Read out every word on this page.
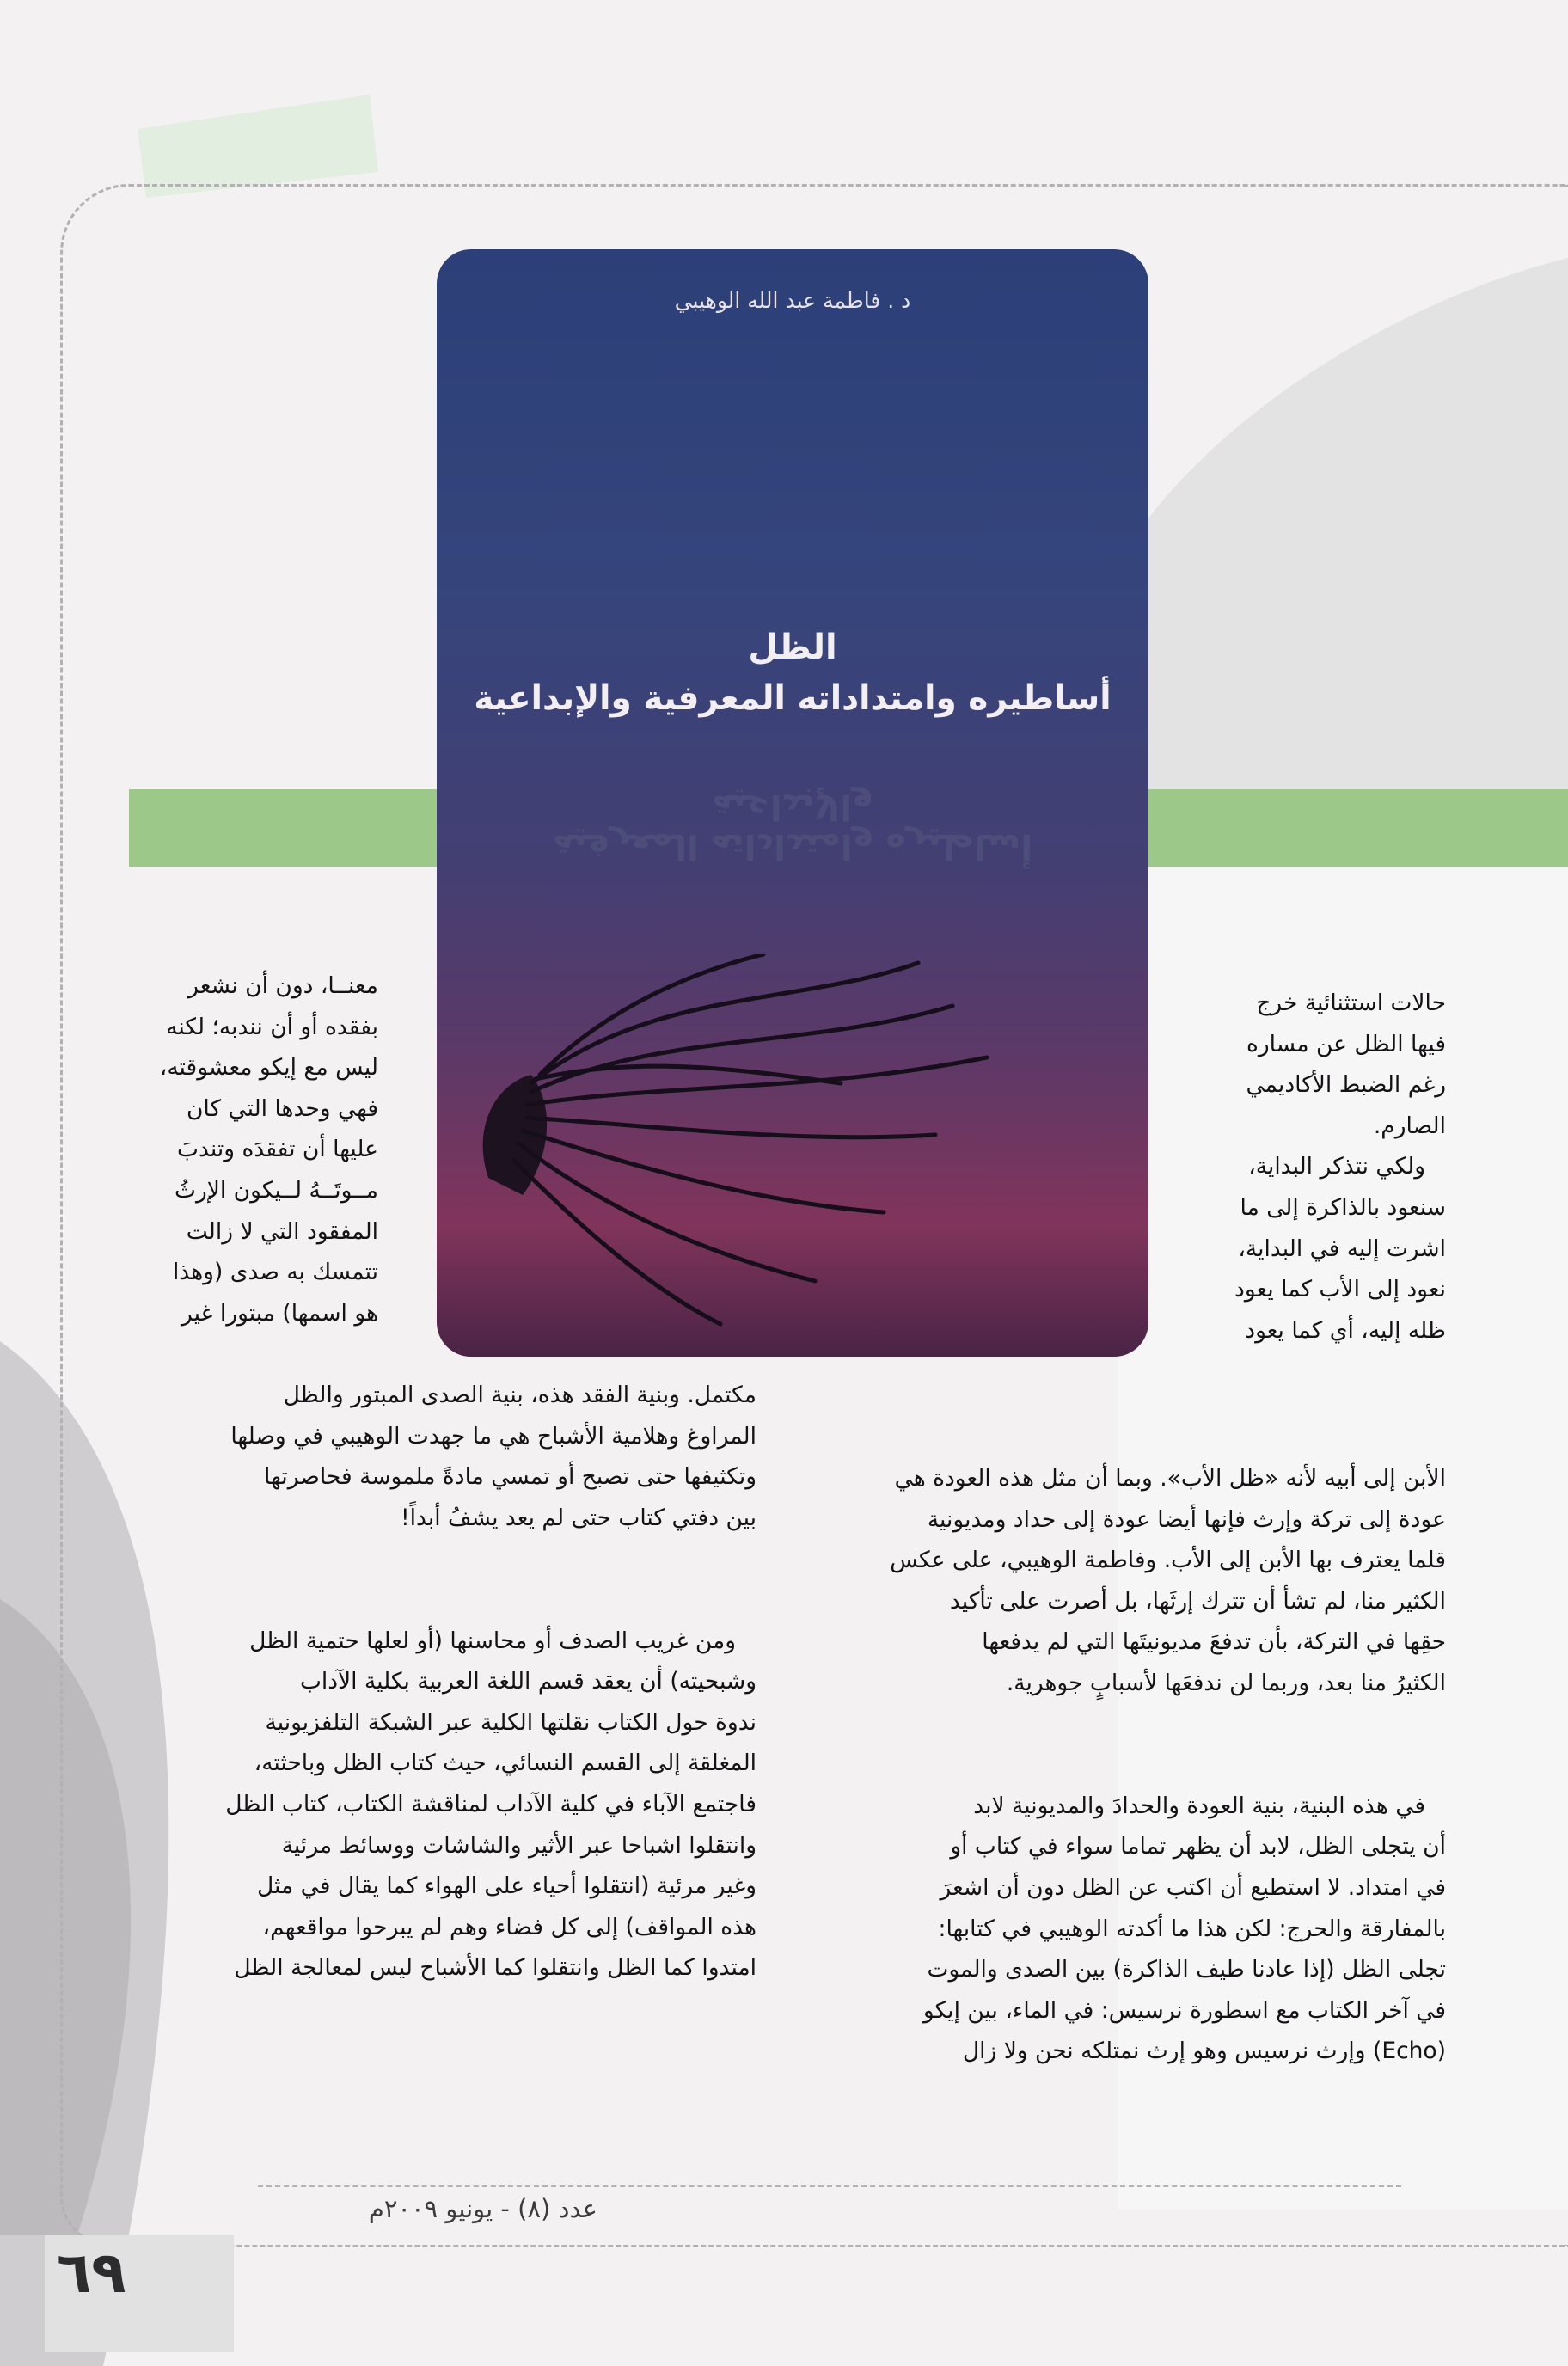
د . فاطمة عبد الله الوهيبي
الظل
أساطيره وامتداداته المعرفية والإبداعية
أساطيره وامتداداته المعرفية والإبداعية

معنــا، دون أن نشعر

بفقده أو أن نندبه؛ لكنه

ليس مع إيكو معشوقته،

فهي وحدها التي كان

عليها أن تفقدَه وتندبَ

مــوتَــهُ لــيكون الإرثُ

المفقود التي لا زالت

تتمسك به صدى (وهذا

هو اسمها) مبتورا غير

مكتمل. وبنية الفقد هذه، بنية الصدى المبتور والظل

المراوغ وهلامية الأشباح هي ما جهدت الوهيبي في وصلها

وتكثيفها حتى تصبح أو تمسي مادةً ملموسة فحاصرتها

بين دفتي كتاب حتى لم يعد يشفُ أبداً!

ومن غريب الصدف أو محاسنها (أو لعلها حتمية الظل

وشبحيته) أن يعقد قسم اللغة العربية بكلية الآداب

ندوة حول الكتاب نقلتها الكلية عبر الشبكة التلفزيونية

المغلقة إلى القسم النسائي، حيث كتاب الظل وباحثته،

فاجتمع الآباء في كلية الآداب لمناقشة الكتاب، كتاب الظل

وانتقلوا اشباحا عبر الأثير والشاشات ووسائط مرئية

وغير مرئية (انتقلوا أحياء على الهواء كما يقال في مثل

هذه المواقف) إلى كل فضاء وهم لم يبرحوا مواقعهم،

امتدوا كما الظل وانتقلوا كما الأشباح ليس لمعالجة الظل

حالات استثنائية خرج

فيها الظل عن مساره

رغم الضبط الأكاديمي

الصارم.

ولكي نتذكر البداية،

سنعود بالذاكرة إلى ما

اشرت إليه في البداية،

نعود إلى الأب كما يعود

ظله إليه، أي كما يعود

الأبن إلى أبيه لأنه «ظل الأب». وبما أن مثل هذه العودة هي

عودة إلى تركة وإرث فإنها أيضا عودة إلى حداد ومديونية

قلما يعترف بها الأبن إلى الأب. وفاطمة الوهيبي، على عكس

الكثير منا، لم تشأ أن تترك إرثَها، بل أصرت على تأكيد

حقِها في التركة، بأن تدفعَ مديونيتَها التي لم يدفعها

الكثيرُ منا بعد، وربما لن ندفعَها لأسبابٍ جوهرية.

في هذه البنية، بنية العودة والحدادَ والمديونية لابد

أن يتجلى الظل، لابد أن يظهر تماما سواء في كتاب أو

في امتداد. لا استطيع أن اكتب عن الظل دون أن اشعرَ

بالمفارقة والحرج: لكن هذا ما أكدته الوهيبي في كتابها:

تجلى الظل (إذا عادنا طيف الذاكرة) بين الصدى والموت

في آخر الكتاب مع اسطورة نرسيس: في الماء، بين إيكو

(Echo) وإرث نرسيس وهو إرث نمتلكه نحن ولا زال

عدد (٨) - يونيو ٢٠٠٩م
٦٩
